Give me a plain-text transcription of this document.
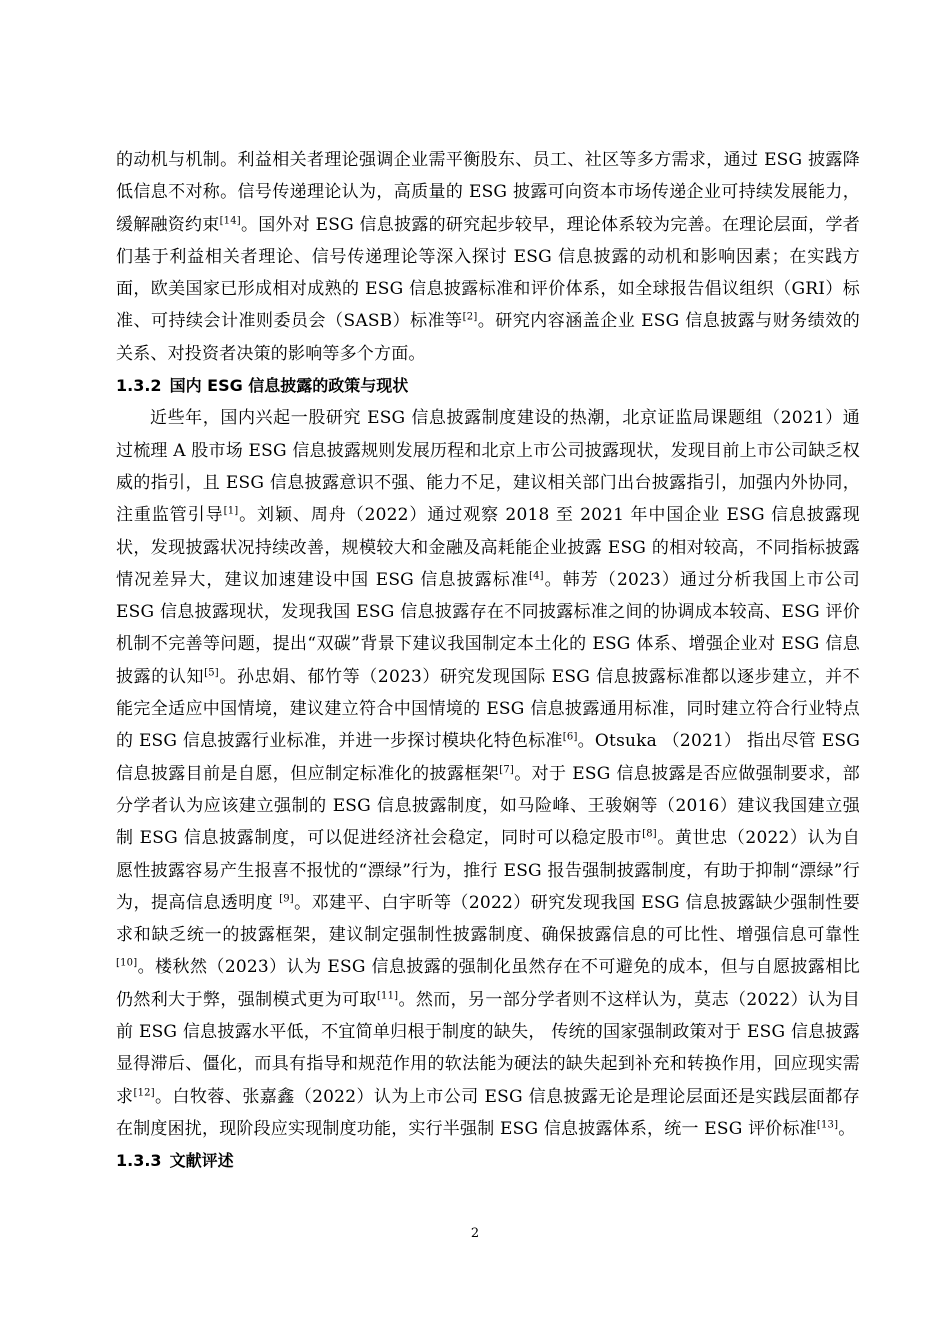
的动机与机制。利益相关者理论强调企业需平衡股东、员工、社区等多方需求，通过 ESG 披露降低信息不对称。信号传递理论认为，高质量的 ESG 披露可向资本市场传递企业可持续发展能力，缓解融资约束[14]。国外对 ESG 信息披露的研究起步较早，理论体系较为完善。在理论层面，学者们基于利益相关者理论、信号传递理论等深入探讨 ESG 信息披露的动机和影响因素；在实践方面，欧美国家已形成相对成熟的 ESG 信息披露标准和评价体系，如全球报告倡议组织（GRI）标准、可持续会计准则委员会（SASB）标准等[2]。研究内容涵盖企业 ESG 信息披露与财务绩效的关系、对投资者决策的影响等多个方面。

1.3.2 国内 ESG 信息披露的政策与现状

近些年，国内兴起一股研究 ESG 信息披露制度建设的热潮，北京证监局课题组（2021）通过梳理 A 股市场 ESG 信息披露规则发展历程和北京上市公司披露现状，发现目前上市公司缺乏权威的指引，且 ESG 信息披露意识不强、能力不足，建议相关部门出台披露指引，加强内外协同，注重监管引导[1]。刘颖、周舟（2022）通过观察 2018 至 2021 年中国企业 ESG 信息披露现状，发现披露状况持续改善，规模较大和金融及高耗能企业披露 ESG 的相对较高，不同指标披露情况差异大，建议加速建设中国 ESG 信息披露标准[4]。韩芳（2023）通过分析我国上市公司 ESG 信息披露现状，发现我国 ESG 信息披露存在不同披露标准之间的协调成本较高、ESG 评价机制不完善等问题，提出“双碳”背景下建议我国制定本土化的 ESG 体系、增强企业对 ESG 信息披露的认知[5]。孙忠娟、郁竹等（2023）研究发现国际 ESG 信息披露标准都以逐步建立，并不能完全适应中国情境，建议建立符合中国情境的 ESG 信息披露通用标准，同时建立符合行业特点的 ESG 信息披露行业标准，并进一步探讨模块化特色标准[6]。Otsuka （2021） 指出尽管 ESG 信息披露目前是自愿，但应制定标准化的披露框架[7]。对于 ESG 信息披露是否应做强制要求，部分学者认为应该建立强制的 ESG 信息披露制度，如马险峰、王骏娴等（2016）建议我国建立强制 ESG 信息披露制度，可以促进经济社会稳定，同时可以稳定股市[8]。黄世忠（2022）认为自愿性披露容易产生报喜不报忧的“漂绿”行为，推行 ESG 报告强制披露制度，有助于抑制“漂绿”行为，提高信息透明度 [9]。邓建平、白宇昕等（2022）研究发现我国 ESG 信息披露缺少强制性要求和缺乏统一的披露框架，建议制定强制性披露制度、确保披露信息的可比性、增强信息可靠性[10]。楼秋然（2023）认为 ESG 信息披露的强制化虽然存在不可避免的成本，但与自愿披露相比仍然利大于弊，强制模式更为可取[11]。然而，另一部分学者则不这样认为，莫志（2022）认为目前 ESG 信息披露水平低，不宜简单归根于制度的缺失， 传统的国家强制政策对于 ESG 信息披露显得滞后、僵化，而具有指导和规范作用的软法能为硬法的缺失起到补充和转换作用，回应现实需求[12]。白牧蓉、张嘉鑫（2022）认为上市公司 ESG 信息披露无论是理论层面还是实践层面都存在制度困扰，现阶段应实现制度功能，实行半强制 ESG 信息披露体系，统一 ESG 评价标准[13]。

1.3.3 文献评述
2
